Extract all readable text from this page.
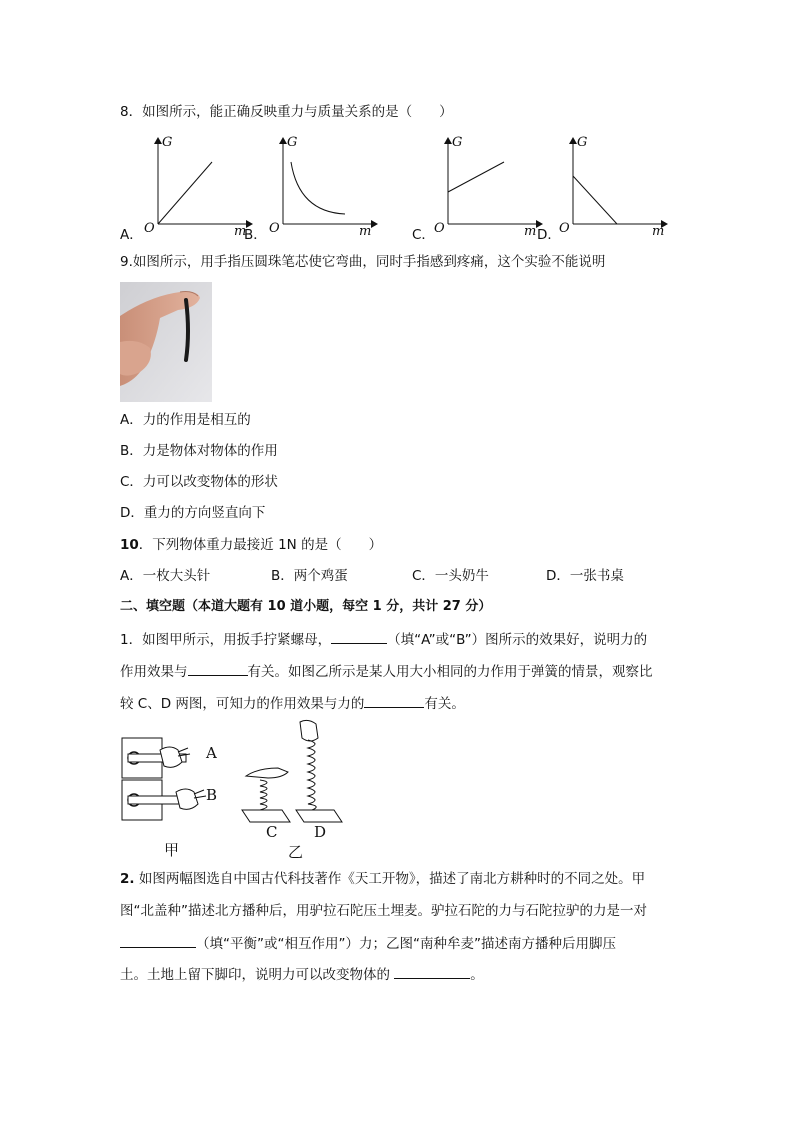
8．如图所示，能正确反映重力与质量关系的是（　　）
G	G	G	G
O	O	O	O
m	m	m	m
A．	B．	C．	D．
9.如图所示，用手指压圆珠笔芯使它弯曲，同时手指感到疼痛，这个实验不能说明
A．力的作用是相互的
B．力是物体对物体的作用
C．力可以改变物体的形状
D．重力的方向竖直向下
10．下列物体重力最接近 1N 的是（　　）
A．一枚大头针	B．两个鸡蛋	C．一头奶牛	D．一张书桌
二、填空题（本道大题有 10 道小题，每空 1 分，共计 27 分）
1．如图甲所示，用扳手拧紧螺母，	（填“A”或“B”）图所示的效果好，说明力的
作用效果与	有关。如图乙所示是某人用大小相同的力作用于弹簧的情景，观察比
较 C、D 两图，可知力的作用效果与力的	有关。
A
B
甲
C D
乙
2. 如图两幅图选自中国古代科技著作《天工开物》，描述了南北方耕种时的不同之处。甲
图“北盖种”描述北方播种后，用驴拉石陀压土埋麦。驴拉石陀的力与石陀拉驴的力是一对
（填“平衡”或“相互作用”）力；乙图“南种牟麦”描述南方播种后用脚压
土。土地上留下脚印，说明力可以改变物体的	。
